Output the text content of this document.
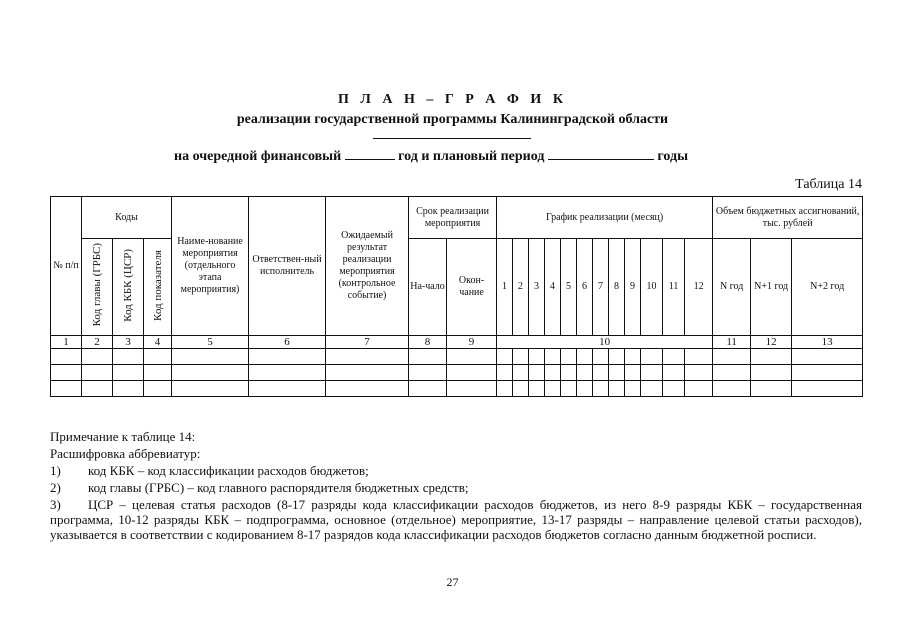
П Л А Н – Г Р А Ф И К
реализации государственной программы Калининградской области
на очередной финансовый	год и плановый период	годы
Таблица 14
№ п/п	Коды			Наиме-нование мероприятия (отдельного этапа мероприятия)	Ответствен-ный исполнитель	Ожидаемый результат реализации мероприятия (контрольное событие)	Срок реализации мероприятия		График реализации (месяц)												Объем бюджетных ассигнований, тыс. рублей		
	Код главы (ГРБС)	Код КБК (ЦСР)	Код показателя				На-чало	Окон-чание	1	2	3	4	5	6	7	8	9	10	11	12	N год	N+1 год	N+2 год
1	2	3	4	5	6	7	8	9	10												11	12	13

Примечание к таблице 14:
Расшифровка аббревиатур:
1) код КБК – код классификации расходов бюджетов;
2) код главы (ГРБС) – код главного распорядителя бюджетных средств;
3) ЦСР – целевая статья расходов (8-17 разряды кода классификации расходов бюджетов, из него 8-9 разряды КБК – государственная программа, 10-12 разряды КБК – подпрограмма, основное (отдельное) мероприятие, 13-17 разряды – направление целевой статьи расходов), указывается в соответствии с кодированием 8-17 разрядов кода классификации расходов бюджетов согласно данным бюджетной росписи.
27
